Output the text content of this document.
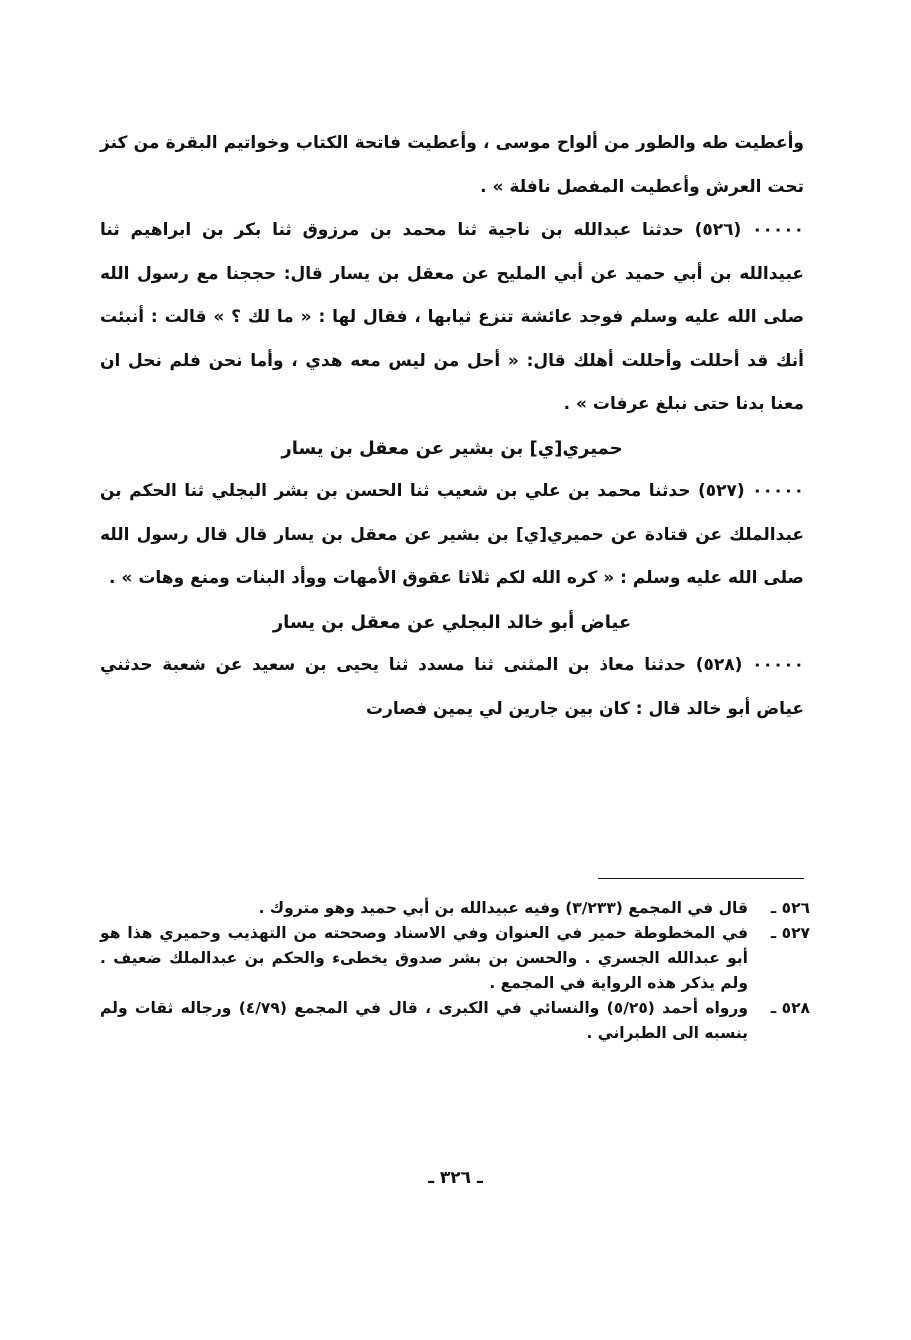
وأعطيت طه والطور من ألواح موسى ، وأعطيت فاتحة الكتاب وخواتيم البقرة من كنز تحت العرش وأعطيت المفصل نافلة » .

٠٠٠٠٠ (٥٢٦) حدثنا عبدالله بن ناجية ثنا محمد بن مرزوق ثنا بكر بن ابراهيم ثنا عبيدالله بن أبي حميد عن أبي المليح عن معقل بن يسار قال: حججنا مع رسول الله صلى الله عليه وسلم فوجد عائشة تنزع ثيابها ، فقال لها : « ما لك ؟ » قالت : أنبئت أنك قد أحللت وأحللت أهلك قال: « أحل من ليس معه هدي ، وأما نحن فلم نحل ان معنا بدنا حتى نبلغ عرفات » .

حميري[ي] بن بشير عن معقل بن يسار

٠٠٠٠٠ (٥٢٧) حدثنا محمد بن علي بن شعيب ثنا الحسن بن بشر البجلي ثنا الحكم بن عبدالملك عن قتادة عن حميري[ي] بن بشير عن معقل بن يسار قال قال رسول الله صلى الله عليه وسلم : « كره الله لكم ثلاثا عقوق الأمهات ووأد البنات ومنع وهات » .

عياض أبو خالد البجلي عن معقل بن يسار

٠٠٠٠٠ (٥٢٨) حدثنا معاذ بن المثنى ثنا مسدد ثنا يحيى بن سعيد عن شعبة حدثني عياض أبو خالد قال : كان بين جارين لي يمين فصارت

٥٢٦ ـ
قال في المجمع (٣/٢٣٣) وفيه عبيدالله بن أبي حميد وهو متروك .
٥٢٧ ـ
في المخطوطة حمير في العنوان وفي الاسناد وصححته من التهذيب وحميري هذا هو أبو عبدالله الجسري . والحسن بن بشر صدوق يخطىء والحكم بن عبدالملك ضعيف . ولم يذكر هذه الرواية في المجمع .
٥٢٨ ـ
ورواه أحمد (٥/٢٥) والنسائي في الكبرى ، قال في المجمع (٤/٧٩) ورجاله ثقات ولم ينسبه الى الطبراني .
ـ ٣٢٦ ـ
